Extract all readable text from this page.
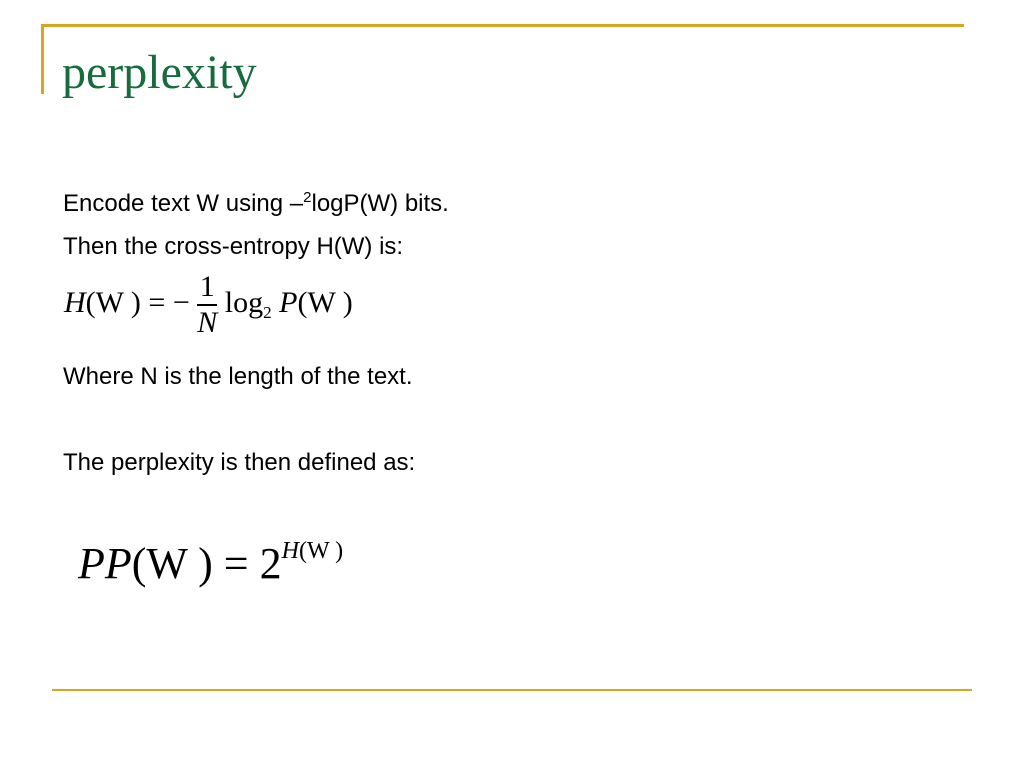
perplexity
Encode text W using –$^2$logP(W) bits.
Then the cross-entropy H(W) is:
H(W ) = − $\frac{1}{N} \log_2 P(W$ )
Where N is the length of the text.
The perplexity is then defined as:
PP(W ) = $2^{H(W )}$
